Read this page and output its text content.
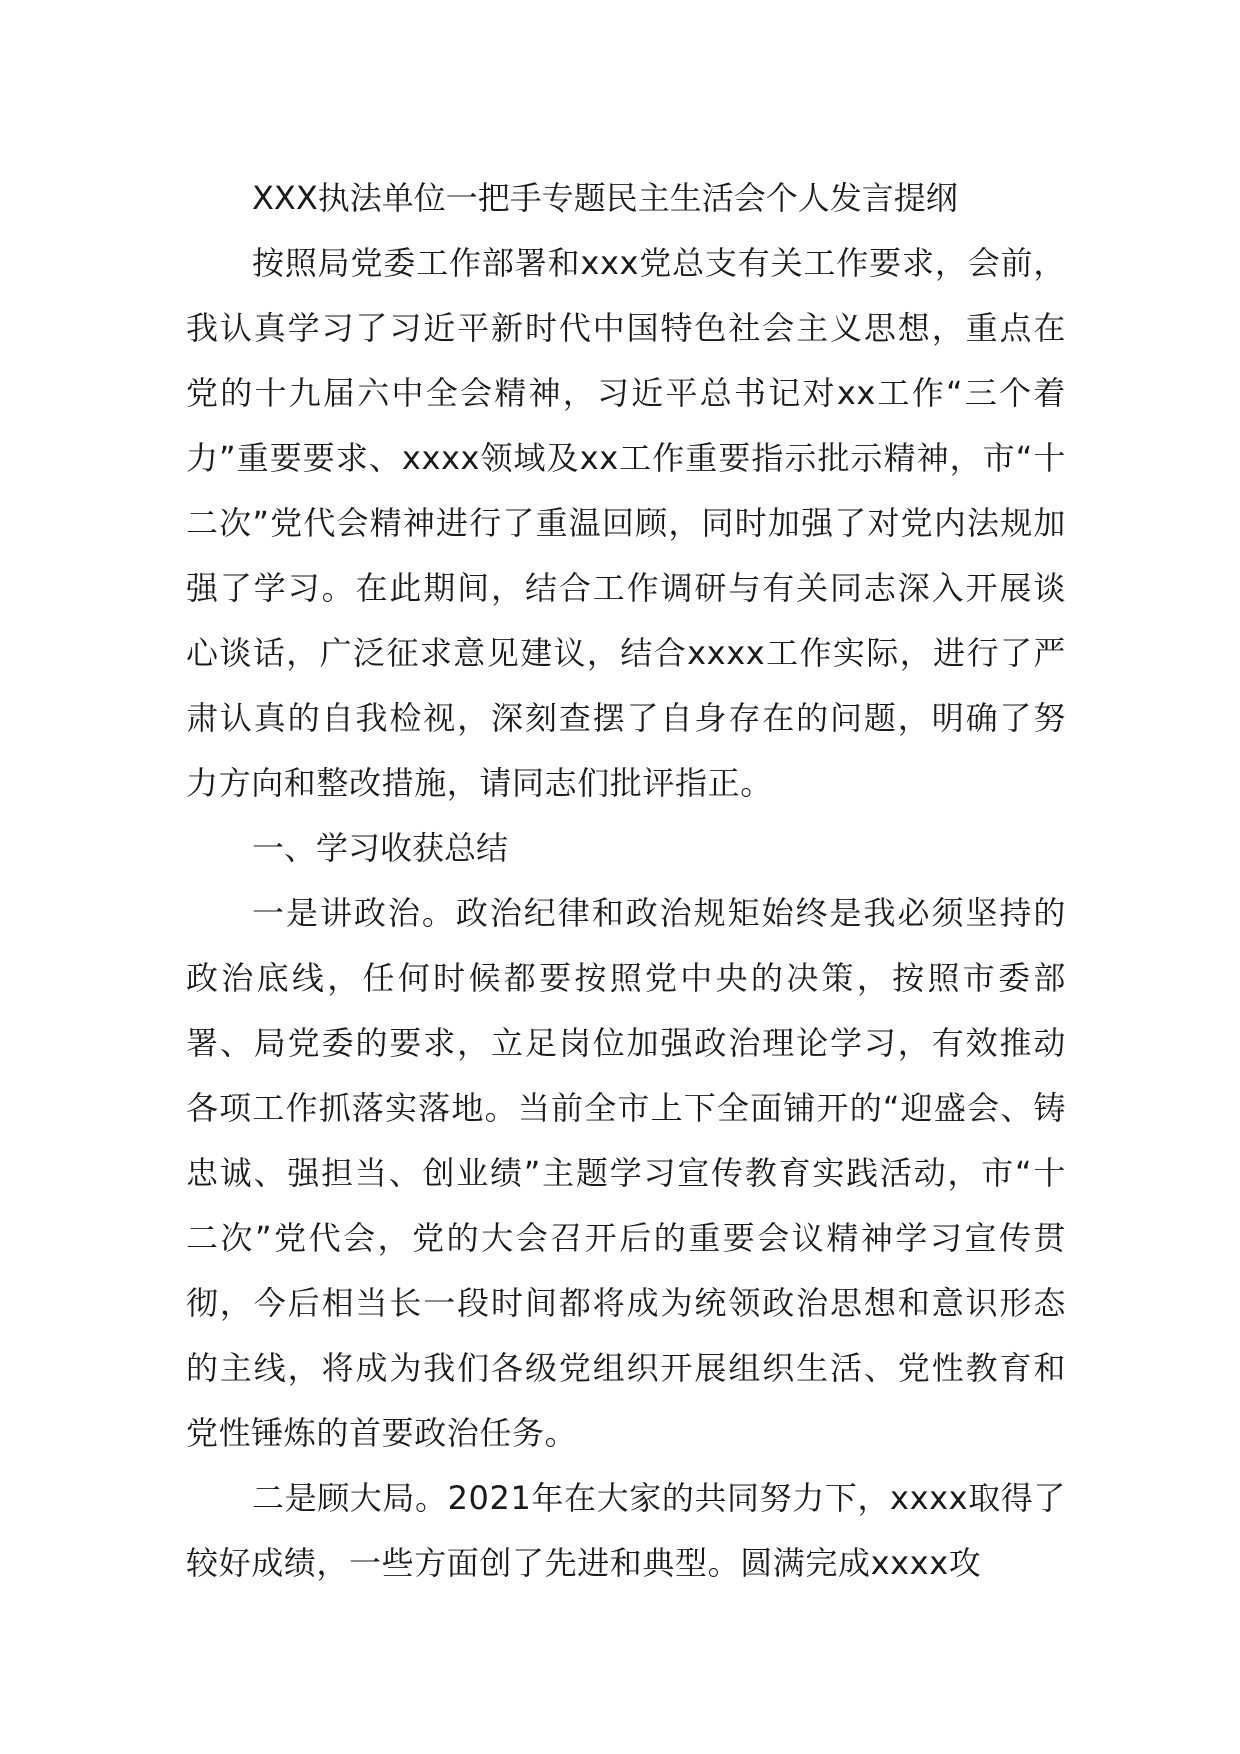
XXX执法单位一把手专题民主生活会个人发言提纲

按照局党委工作部署和xxx党总支有关工作要求，会前，我认真学习了习近平新时代中国特色社会主义思想，重点在党的十九届六中全会精神，习近平总书记对xx工作“三个着力”重要要求、xxxx领域及xx工作重要指示批示精神，市“十二次”党代会精神进行了重温回顾，同时加强了对党内法规加强了学习。在此期间，结合工作调研与有关同志深入开展谈心谈话，广泛征求意见建议，结合xxxx工作实际，进行了严肃认真的自我检视，深刻查摆了自身存在的问题，明确了努力方向和整改措施，请同志们批评指正。

一、学习收获总结

一是讲政治。政治纪律和政治规矩始终是我必须坚持的政治底线，任何时候都要按照党中央的决策，按照市委部署、局党委的要求，立足岗位加强政治理论学习，有效推动各项工作抓落实落地。当前全市上下全面铺开的“迎盛会、铸忠诚、强担当、创业绩”主题学习宣传教育实践活动，市“十二次”党代会，党的大会召开后的重要会议精神学习宣传贯彻，今后相当长一段时间都将成为统领政治思想和意识形态的主线，将成为我们各级党组织开展组织生活、党性教育和党性锤炼的首要政治任务。

二是顾大局。2021年在大家的共同努力下，xxxx取得了较好成绩，一些方面创了先进和典型。圆满完成xxxx攻
